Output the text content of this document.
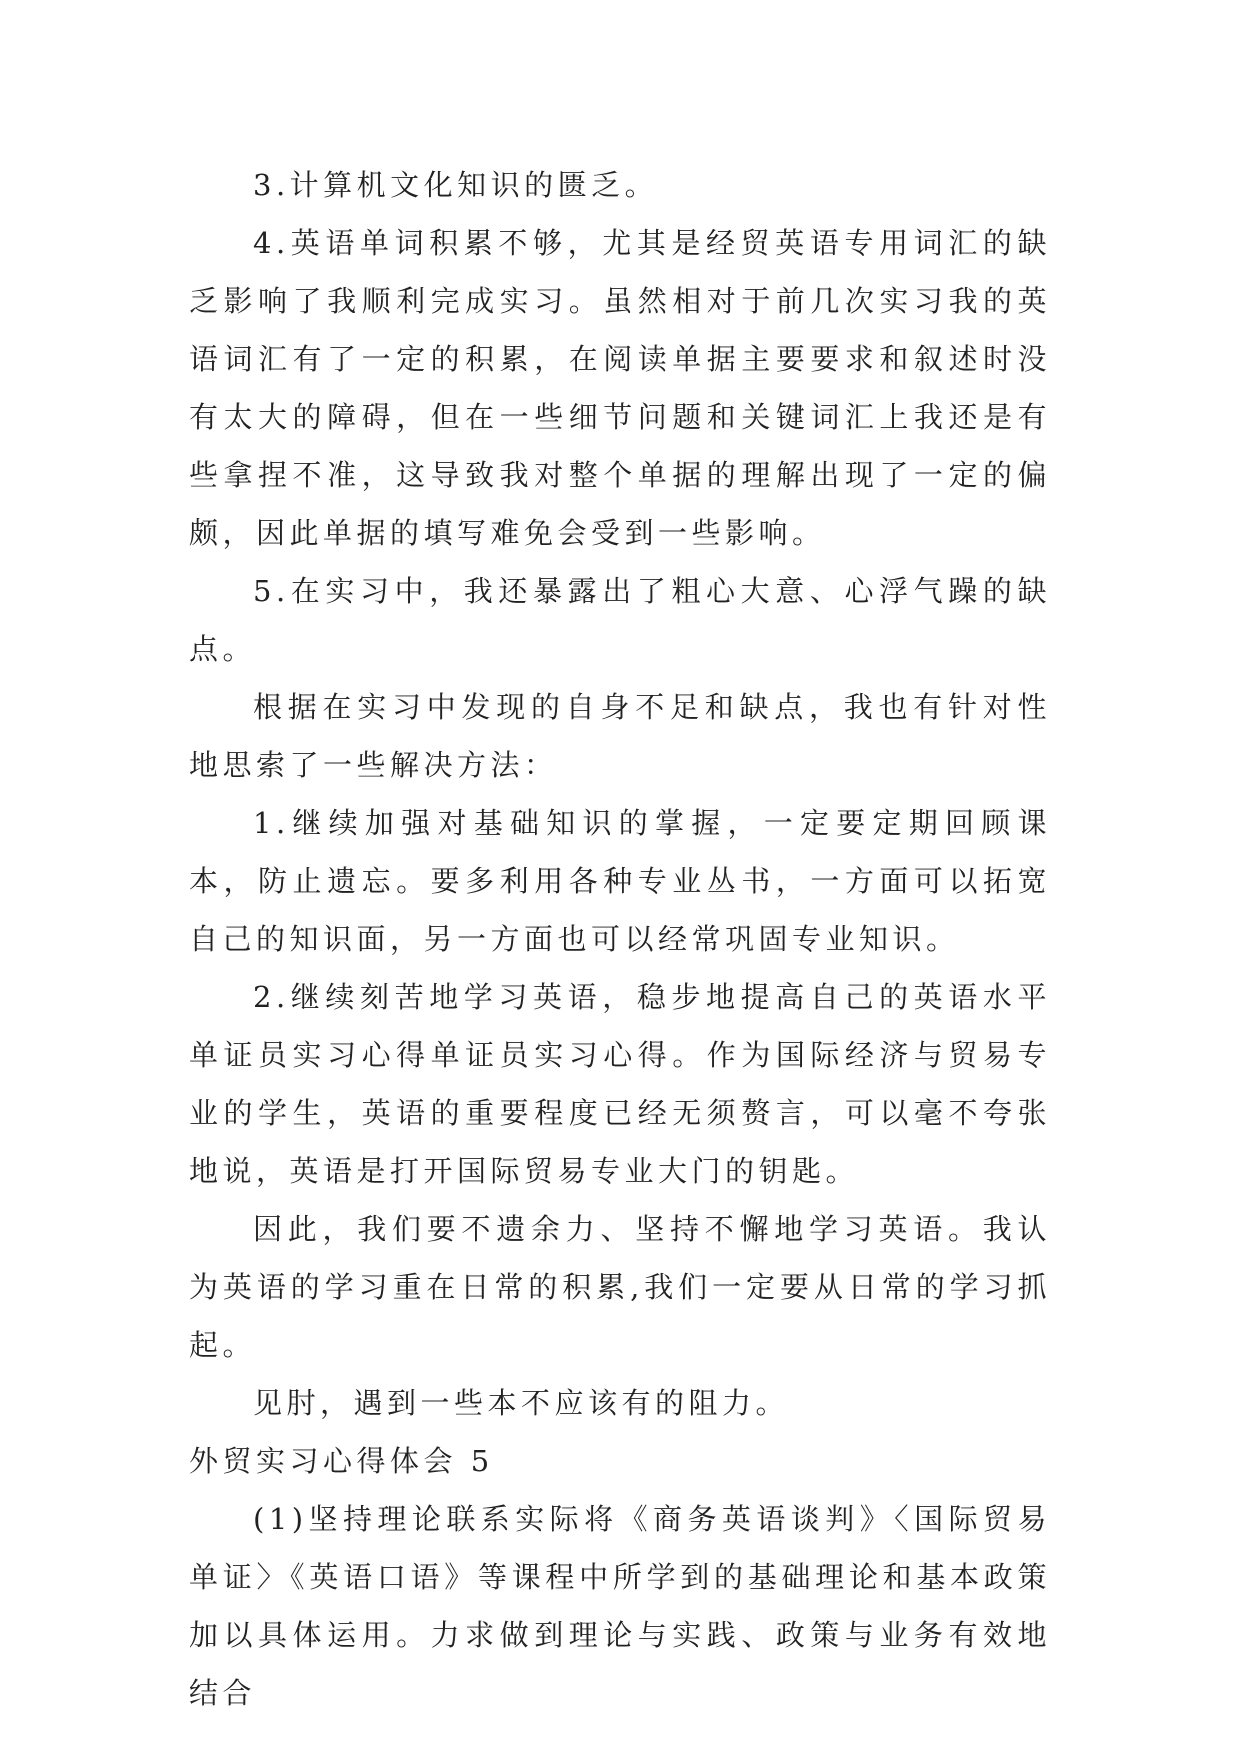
3.计算机文化知识的匮乏。

4.英语单词积累不够，尤其是经贸英语专用词汇的缺乏影响了我顺利完成实习。虽然相对于前几次实习我的英语词汇有了一定的积累，在阅读单据主要要求和叙述时没有太大的障碍，但在一些细节问题和关键词汇上我还是有些拿捏不准，这导致我对整个单据的理解出现了一定的偏颇，因此单据的填写难免会受到一些影响。

5.在实习中，我还暴露出了粗心大意、心浮气躁的缺点。

根据在实习中发现的自身不足和缺点，我也有针对性地思索了一些解决方法：

1.继续加强对基础知识的掌握，一定要定期回顾课本，防止遗忘。要多利用各种专业丛书，一方面可以拓宽自己的知识面，另一方面也可以经常巩固专业知识。

2.继续刻苦地学习英语，稳步地提高自己的英语水平单证员实习心得单证员实习心得。作为国际经济与贸易专业的学生，英语的重要程度已经无须赘言，可以毫不夸张地说，英语是打开国际贸易专业大门的钥匙。

因此，我们要不遗余力、坚持不懈地学习英语。我认为英语的学习重在日常的积累,我们一定要从日常的学习抓起。

见肘，遇到一些本不应该有的阻力。

外贸实习心得体会 5

(1)坚持理论联系实际将《商务英语谈判》〈国际贸易单证〉《英语口语》等课程中所学到的基础理论和基本政策加以具体运用。力求做到理论与实践、政策与业务有效地结合
